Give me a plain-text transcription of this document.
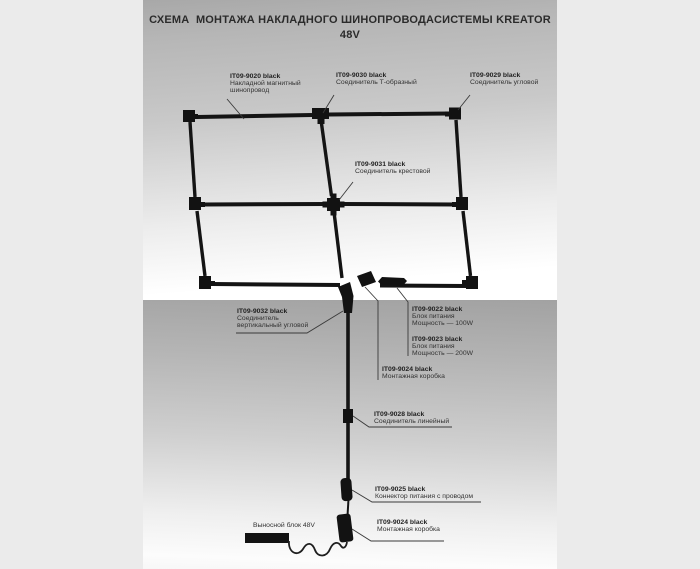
СХЕМА  МОНТАЖА НАКЛАДНОГО ШИНОПРОВОДАСИСТЕМЫ KREATOR 48V
IT09-9020 black
Накладной магнитный
шинопровод
IT09-9030 black
Соединитель Т-образный
IT09-9029 black
Соединитель угловой
IT09-9031 black
Соединитель крестовой
IT09-9032 black
Соединитель
вертикальный угловой
IT09-9022 black
Блок питания
Мощность — 100W
IT09-9023 black
Блок питания
Мощность — 200W
IT09-9024 black
Монтажная коробка
IT09-9028 black
Соединитель линейный
IT09-9025 black
Коннектор питания с проводом
Выносной блок 48V	IT09-9024 black
Монтажная коробка
